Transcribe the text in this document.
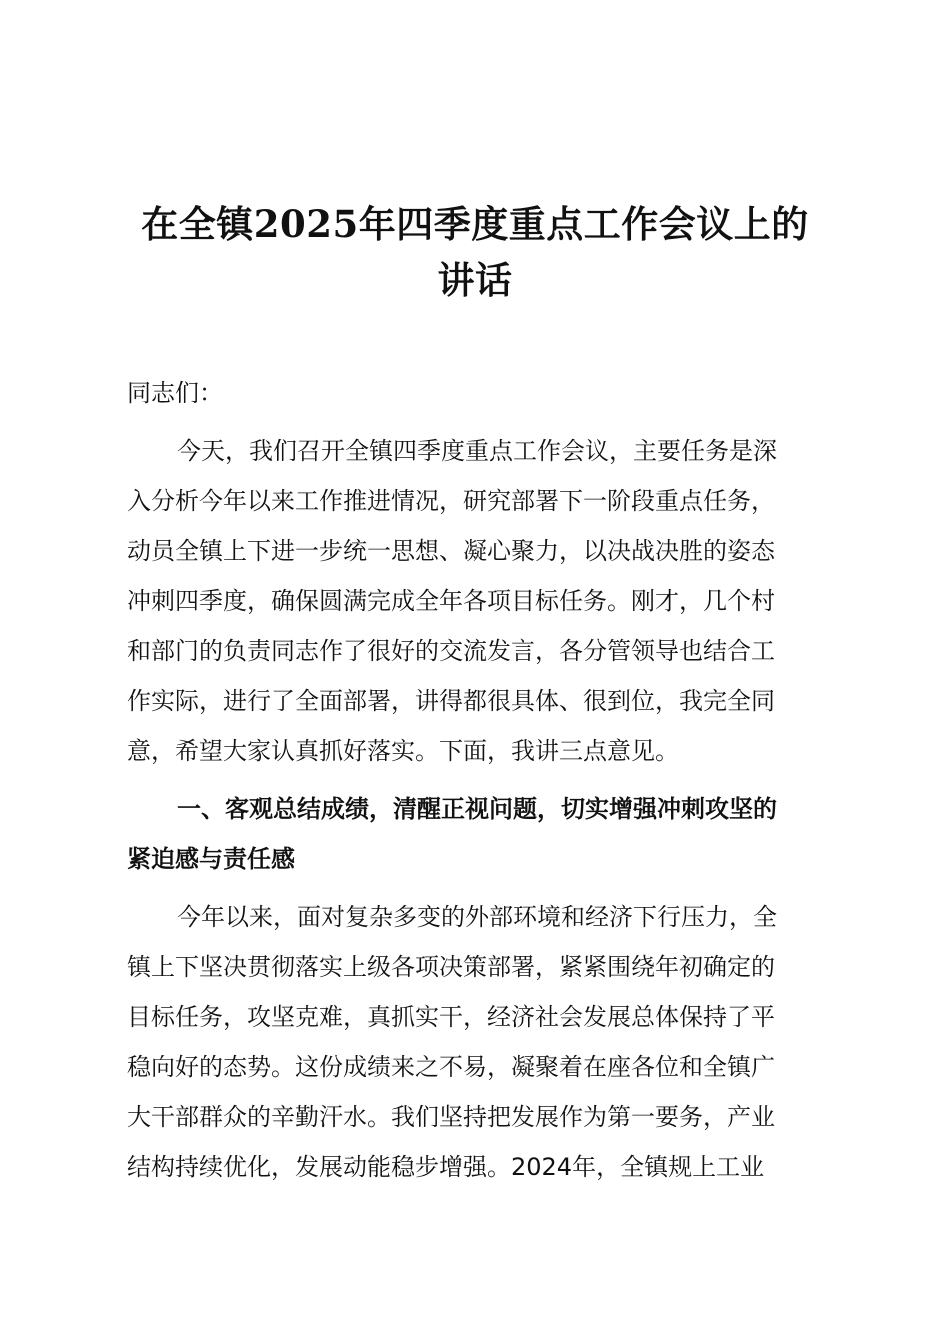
在全镇2025年四季度重点工作会议上的
讲话

同志们：

今天，我们召开全镇四季度重点工作会议，主要任务是深
入分析今年以来工作推进情况，研究部署下一阶段重点任务，
动员全镇上下进一步统一思想、凝心聚力，以决战决胜的姿态
冲刺四季度，确保圆满完成全年各项目标任务。刚才，几个村
和部门的负责同志作了很好的交流发言，各分管领导也结合工
作实际，进行了全面部署，讲得都很具体、很到位，我完全同
意，希望大家认真抓好落实。下面，我讲三点意见。

一、客观总结成绩，清醒正视问题，切实增强冲刺攻坚的
紧迫感与责任感

今年以来，面对复杂多变的外部环境和经济下行压力，全
镇上下坚决贯彻落实上级各项决策部署，紧紧围绕年初确定的
目标任务，攻坚克难，真抓实干，经济社会发展总体保持了平
稳向好的态势。这份成绩来之不易，凝聚着在座各位和全镇广
大干部群众的辛勤汗水。我们坚持把发展作为第一要务，产业
结构持续优化，发展动能稳步增强。2024年，全镇规上工业
